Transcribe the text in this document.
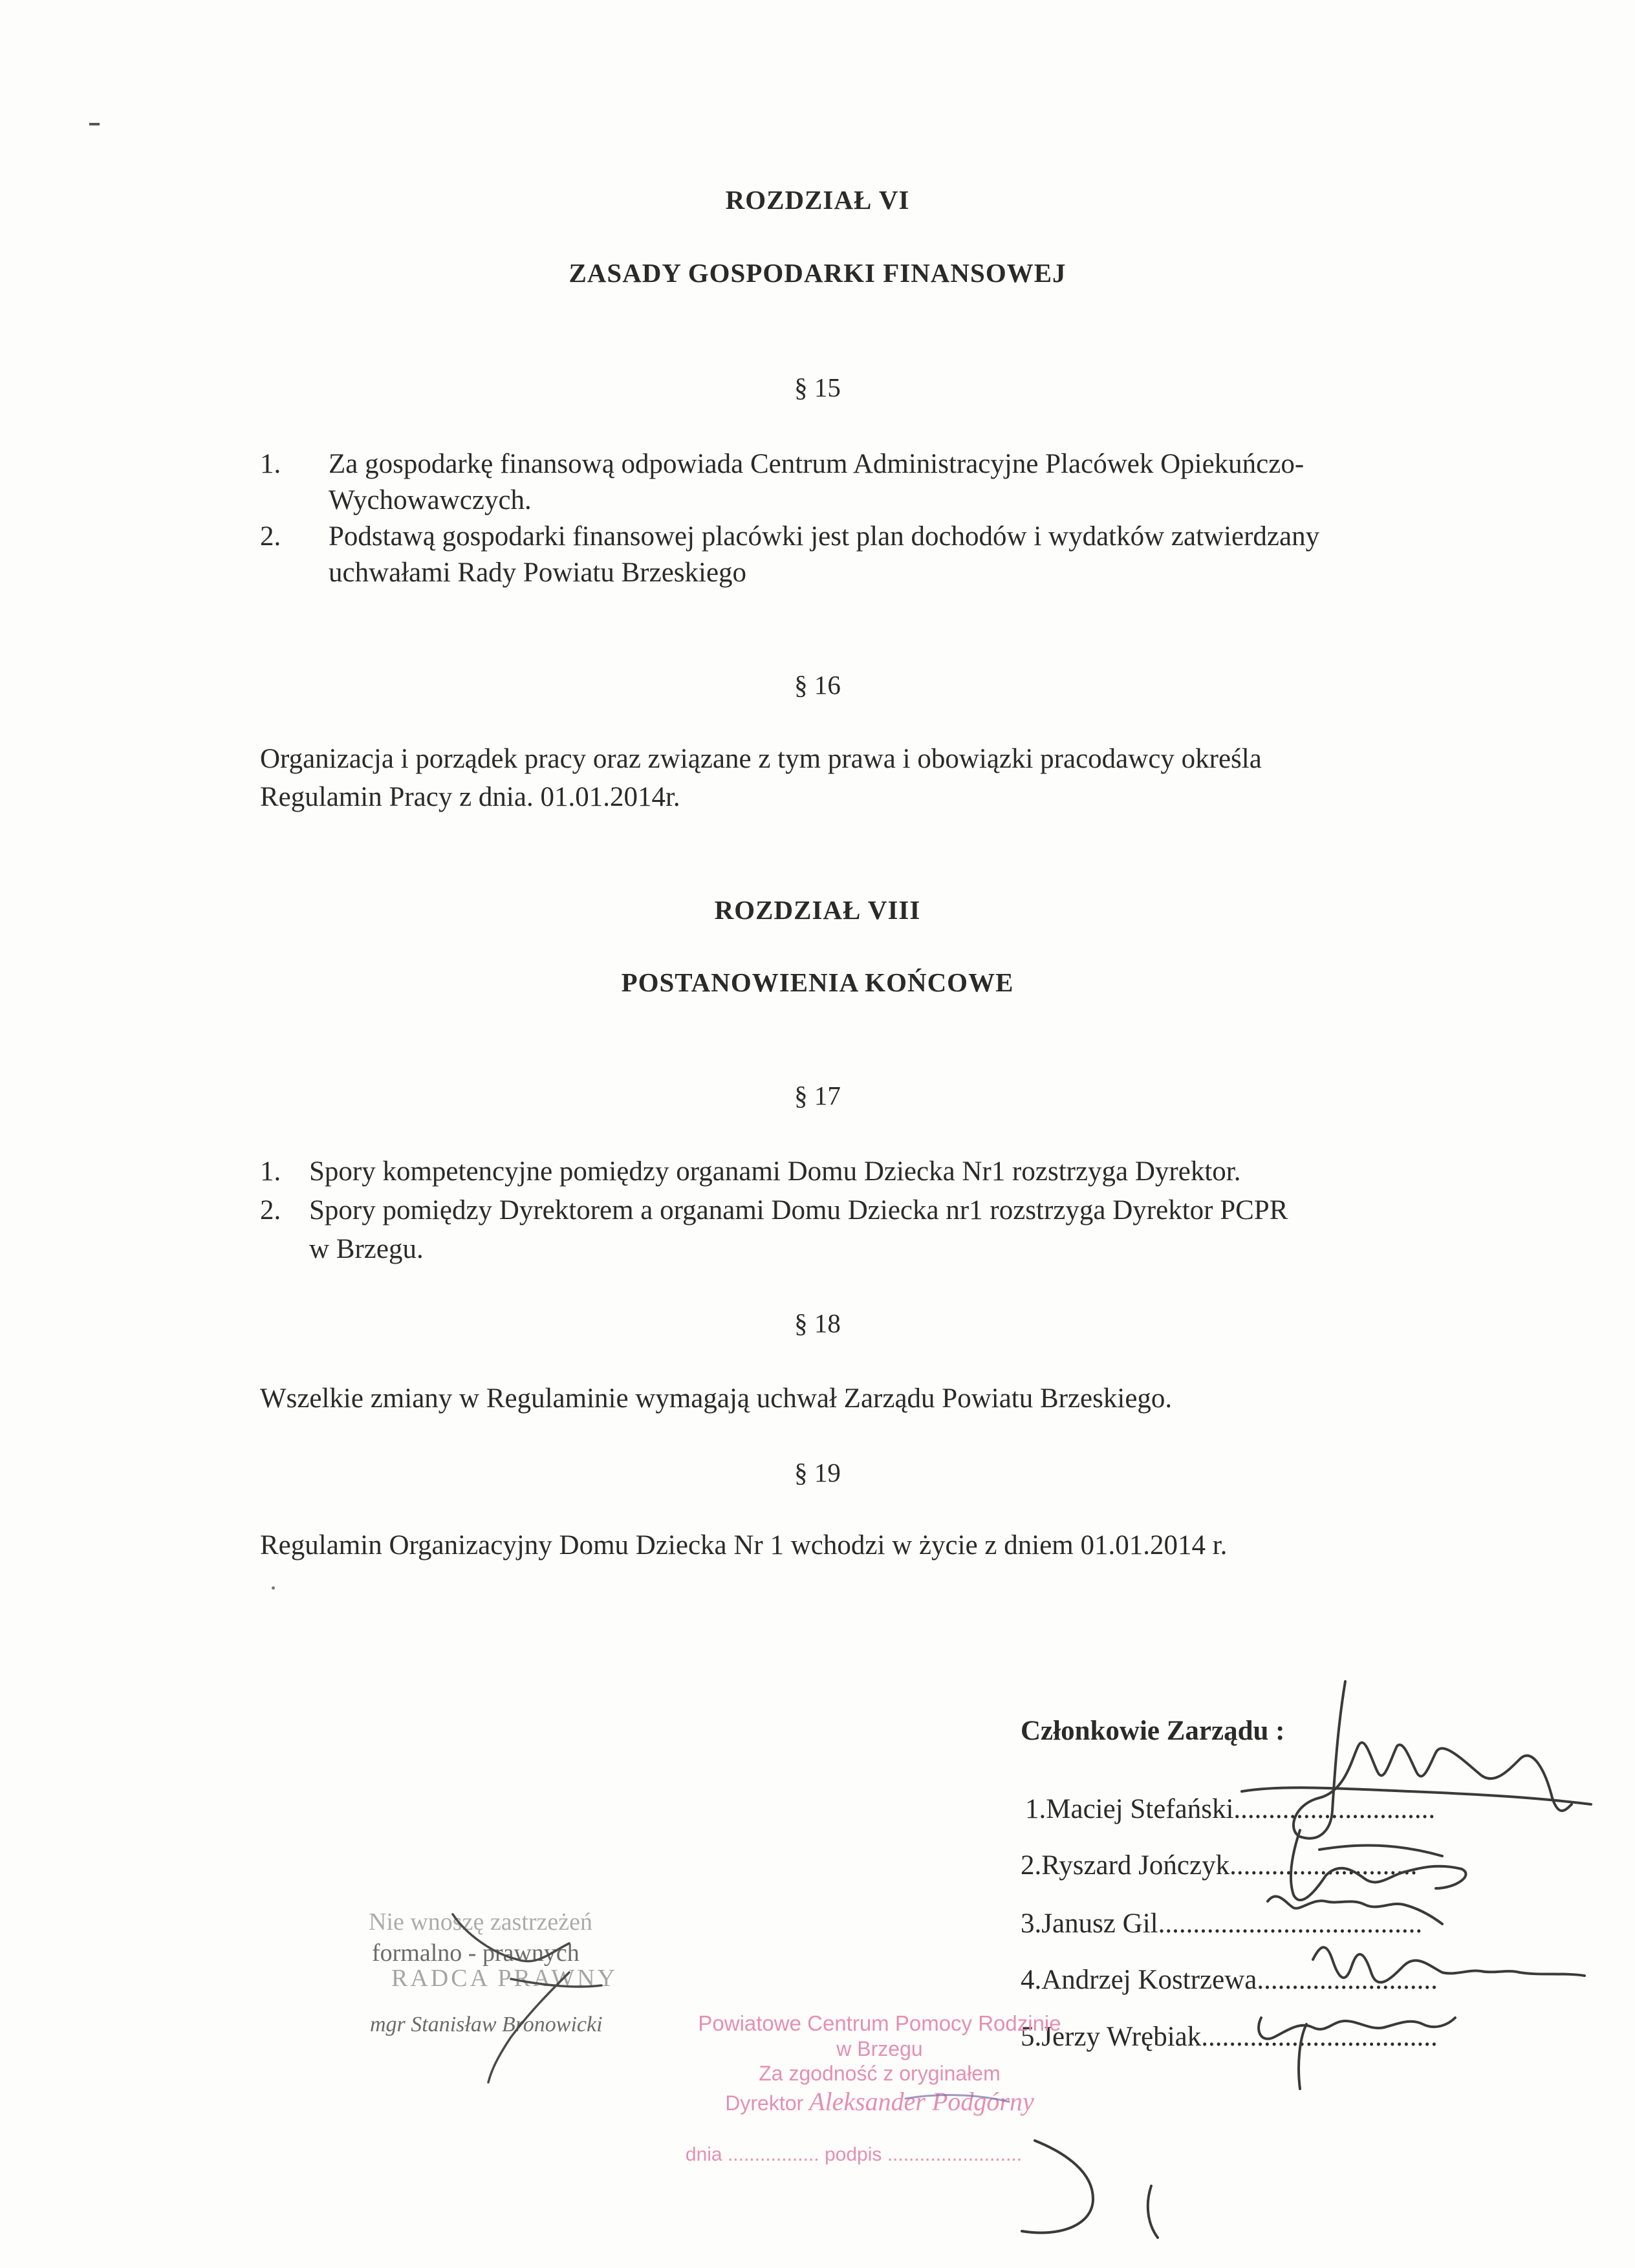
ROZDZIAŁ VI
ZASADY GOSPODARKI FINANSOWEJ
§ 15
1. Za gospodarkę finansową odpowiada Centrum Administracyjne Placówek Opiekuńczo-
Wychowawczych.
2. Podstawą gospodarki finansowej placówki jest plan dochodów i wydatków zatwierdzany
uchwałami Rady Powiatu Brzeskiego
§ 16
Organizacja i porządek pracy oraz związane z tym prawa i obowiązki pracodawcy określa
Regulamin Pracy z dnia. 01.01.2014r.
ROZDZIAŁ VIII
POSTANOWIENIA KOŃCOWE
§ 17
1. Spory kompetencyjne pomiędzy organami Domu Dziecka Nr1 rozstrzyga Dyrektor.
2. Spory pomiędzy Dyrektorem a organami Domu Dziecka nr1 rozstrzyga Dyrektor PCPR
w Brzegu.
§ 18
Wszelkie zmiany w Regulaminie wymagają uchwał Zarządu Powiatu Brzeskiego.
§ 19
Regulamin Organizacyjny Domu Dziecka Nr 1 wchodzi w życie z dniem 01.01.2014 r.
Członkowie Zarządu :
1.Maciej Stefański.............................
2.Ryszard Jończyk...........................
3.Janusz Gil......................................
4.Andrzej Kostrzewa..........................
5.Jerzy Wrębiak..................................
Nie wnoszę zastrzeżeń
formalno - prawnych
RADCA PRAWNY
mgr Stanisław Bronowicki	Powiatowe Centrum Pomocy Rodzinie
w Brzegu
Za zgodność z oryginałem
Dyrektor Aleksander Podgórny
dnia ................. podpis .........................
